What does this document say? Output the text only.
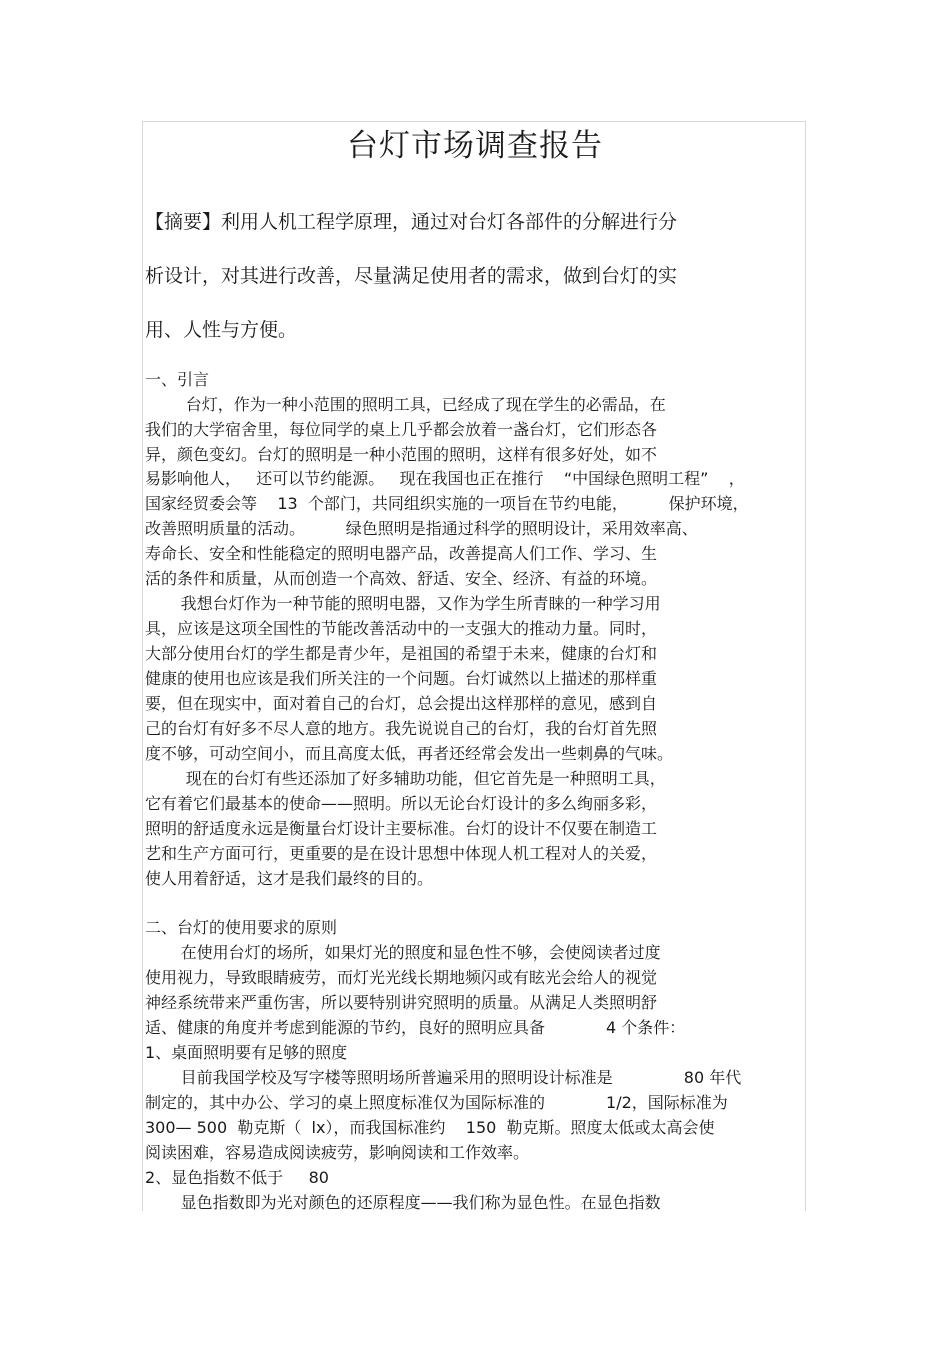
台灯市场调查报告
【摘要】利用人机工程学原理，通过对台灯各部件的分解进行分
析设计，对其进行改善，尽量满足使用者的需求，做到台灯的实
用、人性与方便。
一、引言
台灯，作为一种小范围的照明工具，已经成了现在学生的必需品，在
我们的大学宿舍里，每位同学的桌上几乎都会放着一盏台灯，它们形态各
异，颜色变幻。台灯的照明是一种小范围的照明，这样有很多好处，如不
易影响他人，   还可以节约能源。   现在我国也正在推行    “中国绿色照明工程”    ，
国家经贸委会等    13  个部门，共同组织实施的一项旨在节约电能，        保护环境，
改善照明质量的活动。        绿色照明是指通过科学的照明设计，采用效率高、
寿命长、安全和性能稳定的照明电器产品，改善提高人们工作、学习、生
活的条件和质量，从而创造一个高效、舒适、安全、经济、有益的环境。
我想台灯作为一种节能的照明电器，又作为学生所青睐的一种学习用
具，应该是这项全国性的节能改善活动中的一支强大的推动力量。同时，
大部分使用台灯的学生都是青少年，是祖国的希望于未来，健康的台灯和
健康的使用也应该是我们所关注的一个问题。台灯诚然以上描述的那样重
要，但在现实中，面对着自己的台灯，总会提出这样那样的意见，感到自
己的台灯有好多不尽人意的地方。我先说说自己的台灯，我的台灯首先照
度不够，可动空间小，而且高度太低，再者还经常会发出一些刺鼻的气味。
现在的台灯有些还添加了好多辅助功能，但它首先是一种照明工具，
它有着它们最基本的使命——照明。所以无论台灯设计的多么绚丽多彩，
照明的舒适度永远是衡量台灯设计主要标准。台灯的设计不仅要在制造工
艺和生产方面可行，更重要的是在设计思想中体现人机工程对人的关爱，
使人用着舒适，这才是我们最终的目的。
二、台灯的使用要求的原则
在使用台灯的场所，如果灯光的照度和显色性不够，会使阅读者过度
使用视力，导致眼睛疲劳，而灯光光线长期地频闪或有眩光会给人的视觉
神经系统带来严重伤害，所以要特别讲究照明的质量。从满足人类照明舒
适、健康的角度并考虑到能源的节约，良好的照明应具备            4 个条件：
1、桌面照明要有足够的照度
目前我国学校及写字楼等照明场所普遍采用的照明设计标准是              80 年代
制定的，其中办公、学习的桌上照度标准仅为国际标准的            1/2，国际标准为
300— 500  勒克斯（  lx），而我国标准约    150  勒克斯。照度太低或太高会使
阅读困难，容易造成阅读疲劳，影响阅读和工作效率。
2、显色指数不低于     80
显色指数即为光对颜色的还原程度——我们称为显色性。在显色指数
